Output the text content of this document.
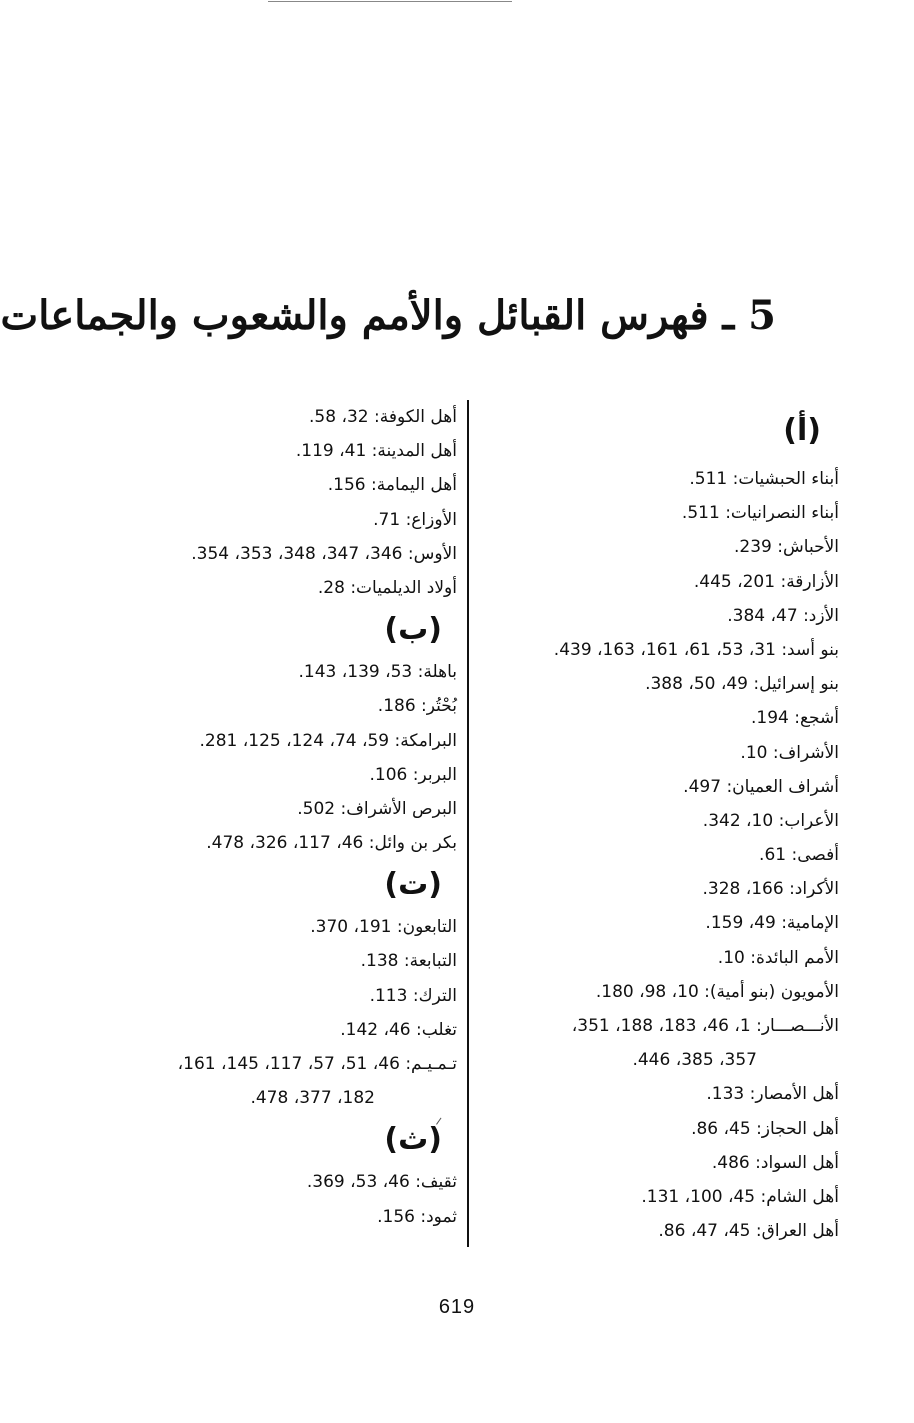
5 ـ فهرس القبائل والأمم والشعوب والجماعات
(أ)
أبناء الحبشيات: 511.
أبناء النصرانيات: 511.
الأحباش: 239.
الأزارقة: 201، 445.
الأزد: 47، 384.
بنو أسد: 31، 53، 61، 161، 163، 439.
بنو إسرائيل: 49، 50، 388.
أشجع: 194.
الأشراف: 10.
أشراف العميان: 497.
الأعراب: 10، 342.
أفصى: 61.
الأكراد: 166، 328.
الإمامية: 49، 159.
الأمم البائدة: 10.
الأمويون (بنو أمية): 10، 98، 180.
الأنـــصـــار: 1، 46، 183، 188، 351،
357، 385، 446.
أهل الأمصار: 133.
أهل الحجاز: 45، 86.
أهل السواد: 486.
أهل الشام: 45، 100، 131.
أهل العراق: 45، 47، 86.
أهل الكوفة: 32، 58.
أهل المدينة: 41، 119.
أهل اليمامة: 156.
الأوزاع: 71.
الأوس: 346، 347، 348، 353، 354.
أولاد الديلميات: 28.
(ب)
باهلة: 53، 139، 143.
بُحْتُر: 186.
البرامكة: 59، 74، 124، 125، 281.
البربر: 106.
البرص الأشراف: 502.
بكر بن وائل: 46، 117، 326، 478.
(ت)
التابعون: 191، 370.
التبابعة: 138.
الترك: 113.
تغلب: 46، 142.
تـمـيـم: 46، 51، 57، 117، 145، 161،
182، 377، 478.
(ث)
ثقيف: 46، 53، 369.
ثمود: 156.
619
